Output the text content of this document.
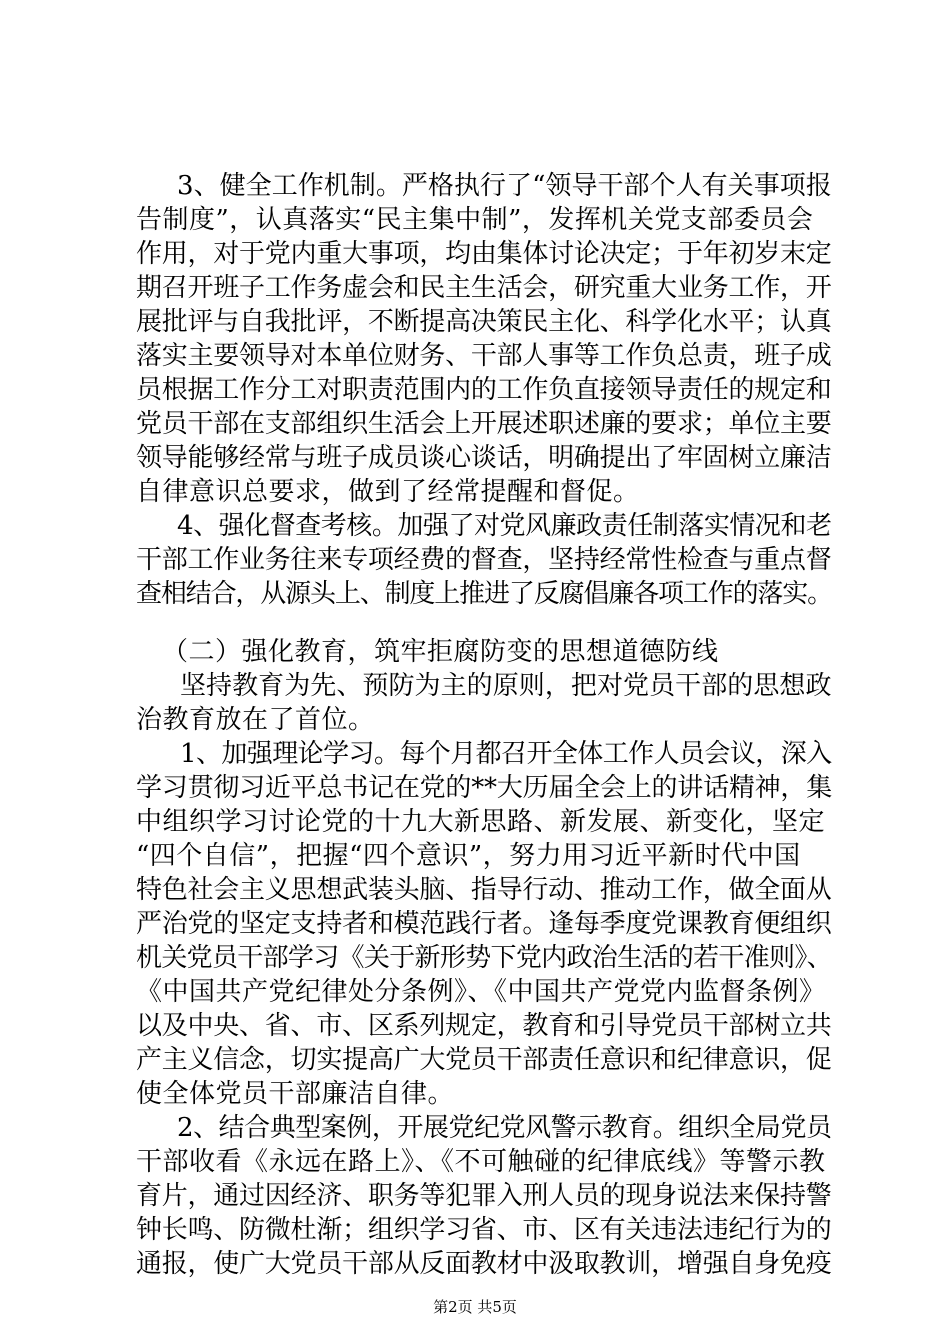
3、健全工作机制。严格执行了“领导干部个人有关事项报
告制度”，认真落实“民主集中制”，发挥机关党支部委员会
作用，对于党内重大事项，均由集体讨论决定；于年初岁末定
期召开班子工作务虚会和民主生活会，研究重大业务工作，开
展批评与自我批评，不断提高决策民主化、科学化水平；认真
落实主要领导对本单位财务、干部人事等工作负总责，班子成
员根据工作分工对职责范围内的工作负直接领导责任的规定和
党员干部在支部组织生活会上开展述职述廉的要求；单位主要
领导能够经常与班子成员谈心谈话，明确提出了牢固树立廉洁
自律意识总要求，做到了经常提醒和督促。
4、强化督查考核。加强了对党风廉政责任制落实情况和老
干部工作业务往来专项经费的督查，坚持经常性检查与重点督
查相结合，从源头上、制度上推进了反腐倡廉各项工作的落实。
（二）强化教育，筑牢拒腐防变的思想道德防线
坚持教育为先、预防为主的原则，把对党员干部的思想政
治教育放在了首位。
1、加强理论学习。每个月都召开全体工作人员会议，深入
学习贯彻习近平总书记在党的**大历届全会上的讲话精神，集
中组织学习讨论党的十九大新思路、新发展、新变化，坚定
“四个自信”，把握“四个意识”，努力用习近平新时代中国
特色社会主义思想武装头脑、指导行动、推动工作，做全面从
严治党的坚定支持者和模范践行者。逢每季度党课教育便组织
机关党员干部学习《关于新形势下党内政治生活的若干准则》、
《中国共产党纪律处分条例》、《中国共产党党内监督条例》
以及中央、省、市、区系列规定，教育和引导党员干部树立共
产主义信念，切实提高广大党员干部责任意识和纪律意识，促
使全体党员干部廉洁自律。
2、结合典型案例，开展党纪党风警示教育。组织全局党员
干部收看《永远在路上》、《不可触碰的纪律底线》等警示教
育片，通过因经济、职务等犯罪入刑人员的现身说法来保持警
钟长鸣、防微杜渐；组织学习省、市、区有关违法违纪行为的
通报，使广大党员干部从反面教材中汲取教训，增强自身免疫
第2页 共5页
